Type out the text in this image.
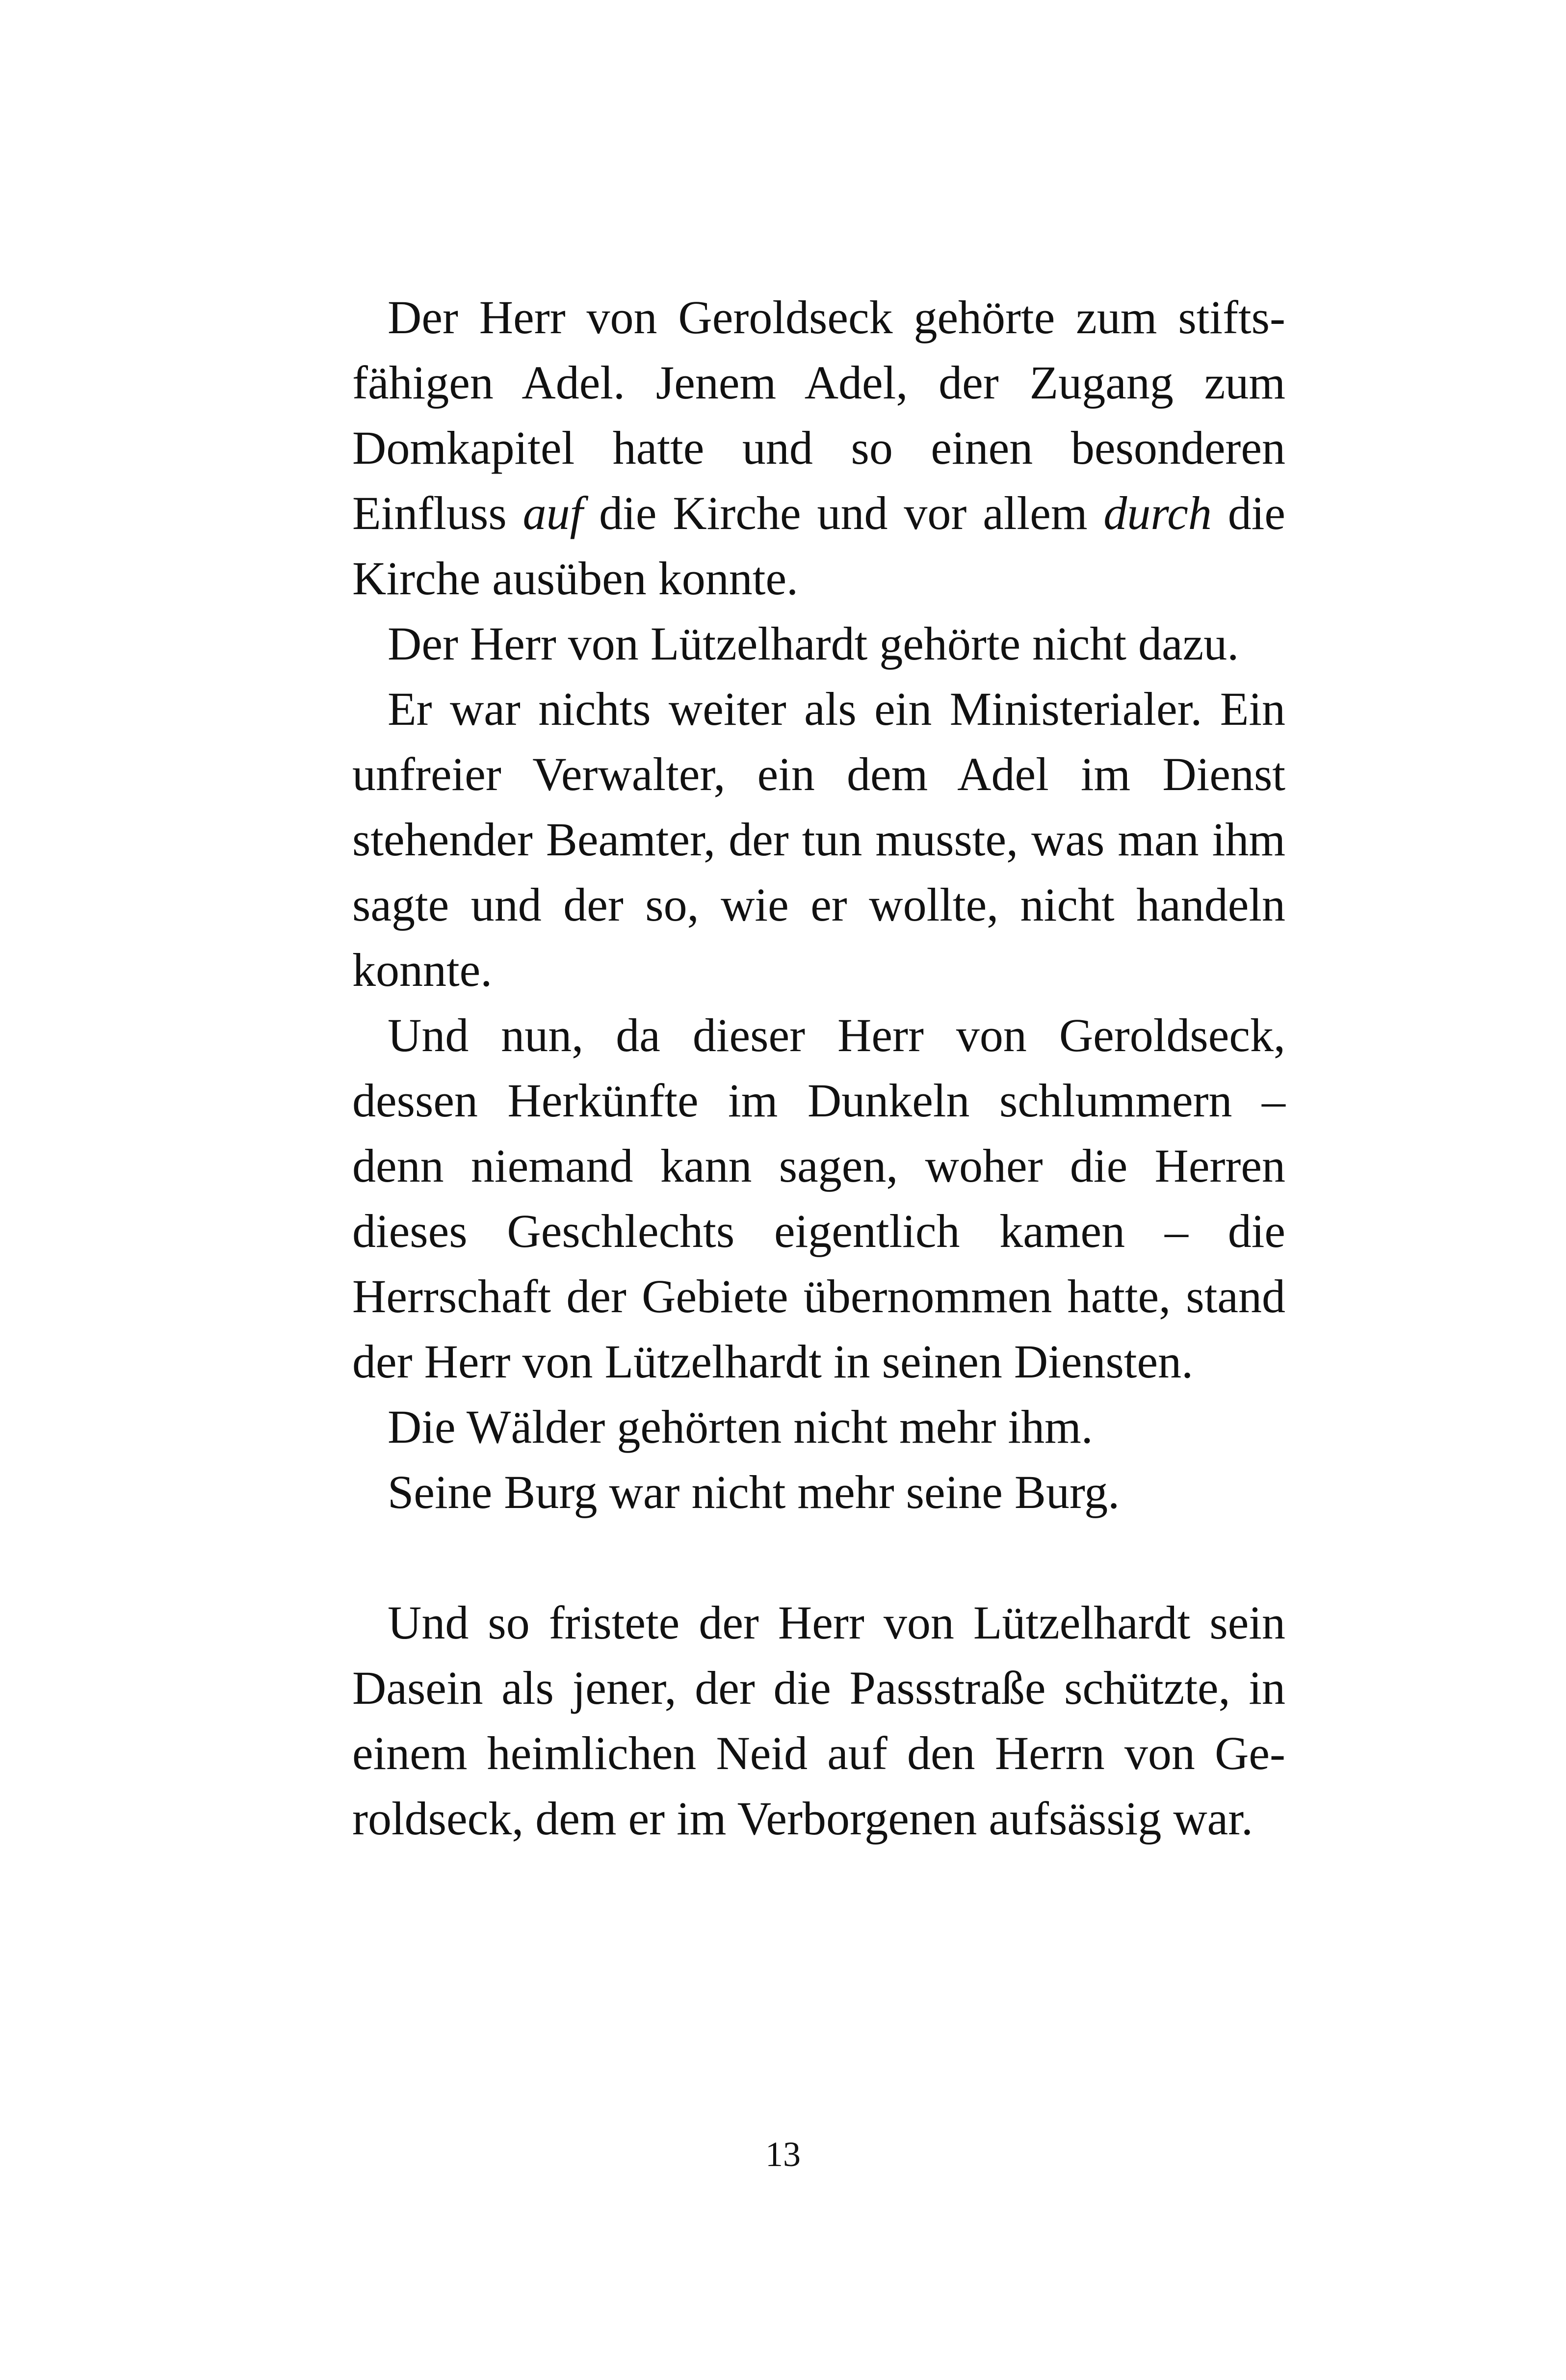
Der Herr von Geroldseck gehörte zum stiftsfähigen Adel. Jenem Adel, der Zugang zum Domkapitel hatte und so einen besonderen Einfluss auf die Kirche und vor allem durch die Kirche ausüben konnte.

Der Herr von Lützelhardt gehörte nicht dazu.

Er war nichts weiter als ein Ministerialer. Ein unfreier Verwalter, ein dem Adel im Dienst stehender Beamter, der tun musste, was man ihm sagte und der so, wie er wollte, nicht handeln konnte.

Und nun, da dieser Herr von Geroldseck, dessen Herkünfte im Dunkeln schlummern – denn niemand kann sagen, woher die Herren dieses Geschlechts eigentlich kamen – die Herrschaft der Gebiete übernommen hatte, stand der Herr von Lützelhardt in seinen Diensten.

Die Wälder gehörten nicht mehr ihm.

Seine Burg war nicht mehr seine Burg.

Und so fristete der Herr von Lützelhardt sein Dasein als jener, der die Passstraße schützte, in einem heimlichen Neid auf den Herrn von Geroldseck, dem er im Verborgenen aufsässig war.

13
